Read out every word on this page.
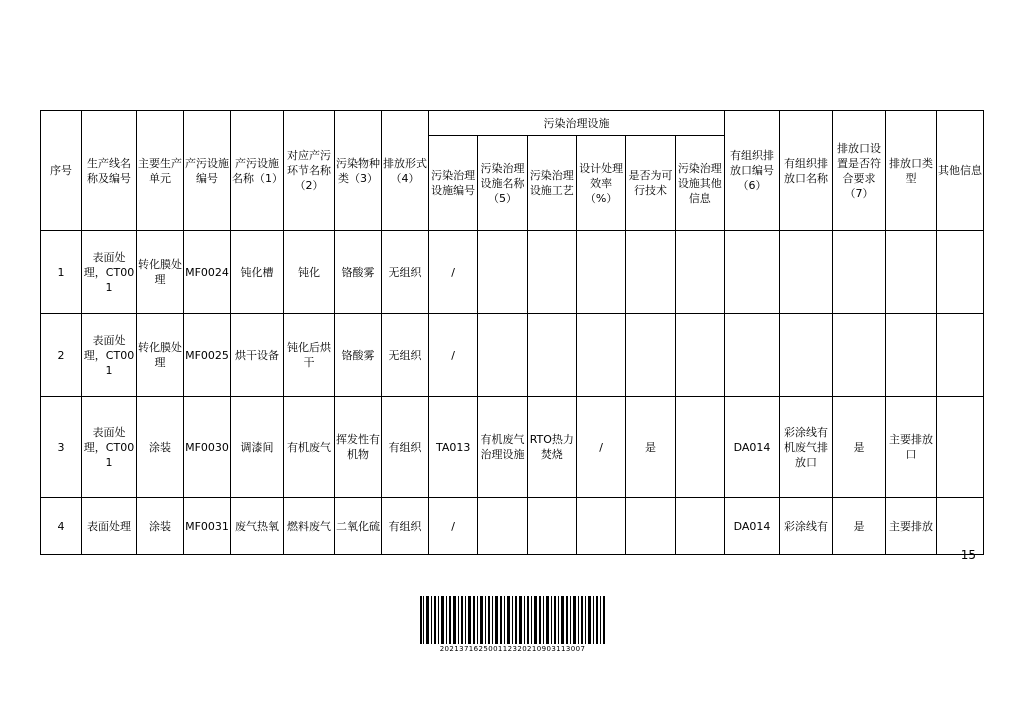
序号	生产线名称及编号	主要生产单元	产污设施编号	产污设施名称（1）	对应产污环节名称（2）	污染物种类（3）	排放形式（4）	污染治理设施						有组织排放口编号（6）	有组织排放口名称	排放口设置是否符合要求（7）	排放口类型	其他信息
								污染治理设施编号	污染治理设施名称（5）	污染治理设施工艺	设计处理效率（%）	是否为可行技术	污染治理设施其他信息					
1	表面处理，CT001	转化膜处理	MF0024	钝化槽	钝化	铬酸雾	无组织	/										
2	表面处理，CT001	转化膜处理	MF0025	烘干设备	钝化后烘干	铬酸雾	无组织	/										
3	表面处理，CT001	涂装	MF0030	调漆间	有机废气	挥发性有机物	有组织	TA013	有机废气治理设施	RTO热力焚烧	/	是		DA014	彩涂线有机废气排放口	是	主要排放口	
4	表面处理	涂装	MF0031	废气热氧	燃料废气	二氧化硫	有组织	/						DA014	彩涂线有	是	主要排放	
15
202137162500112320210903113007
